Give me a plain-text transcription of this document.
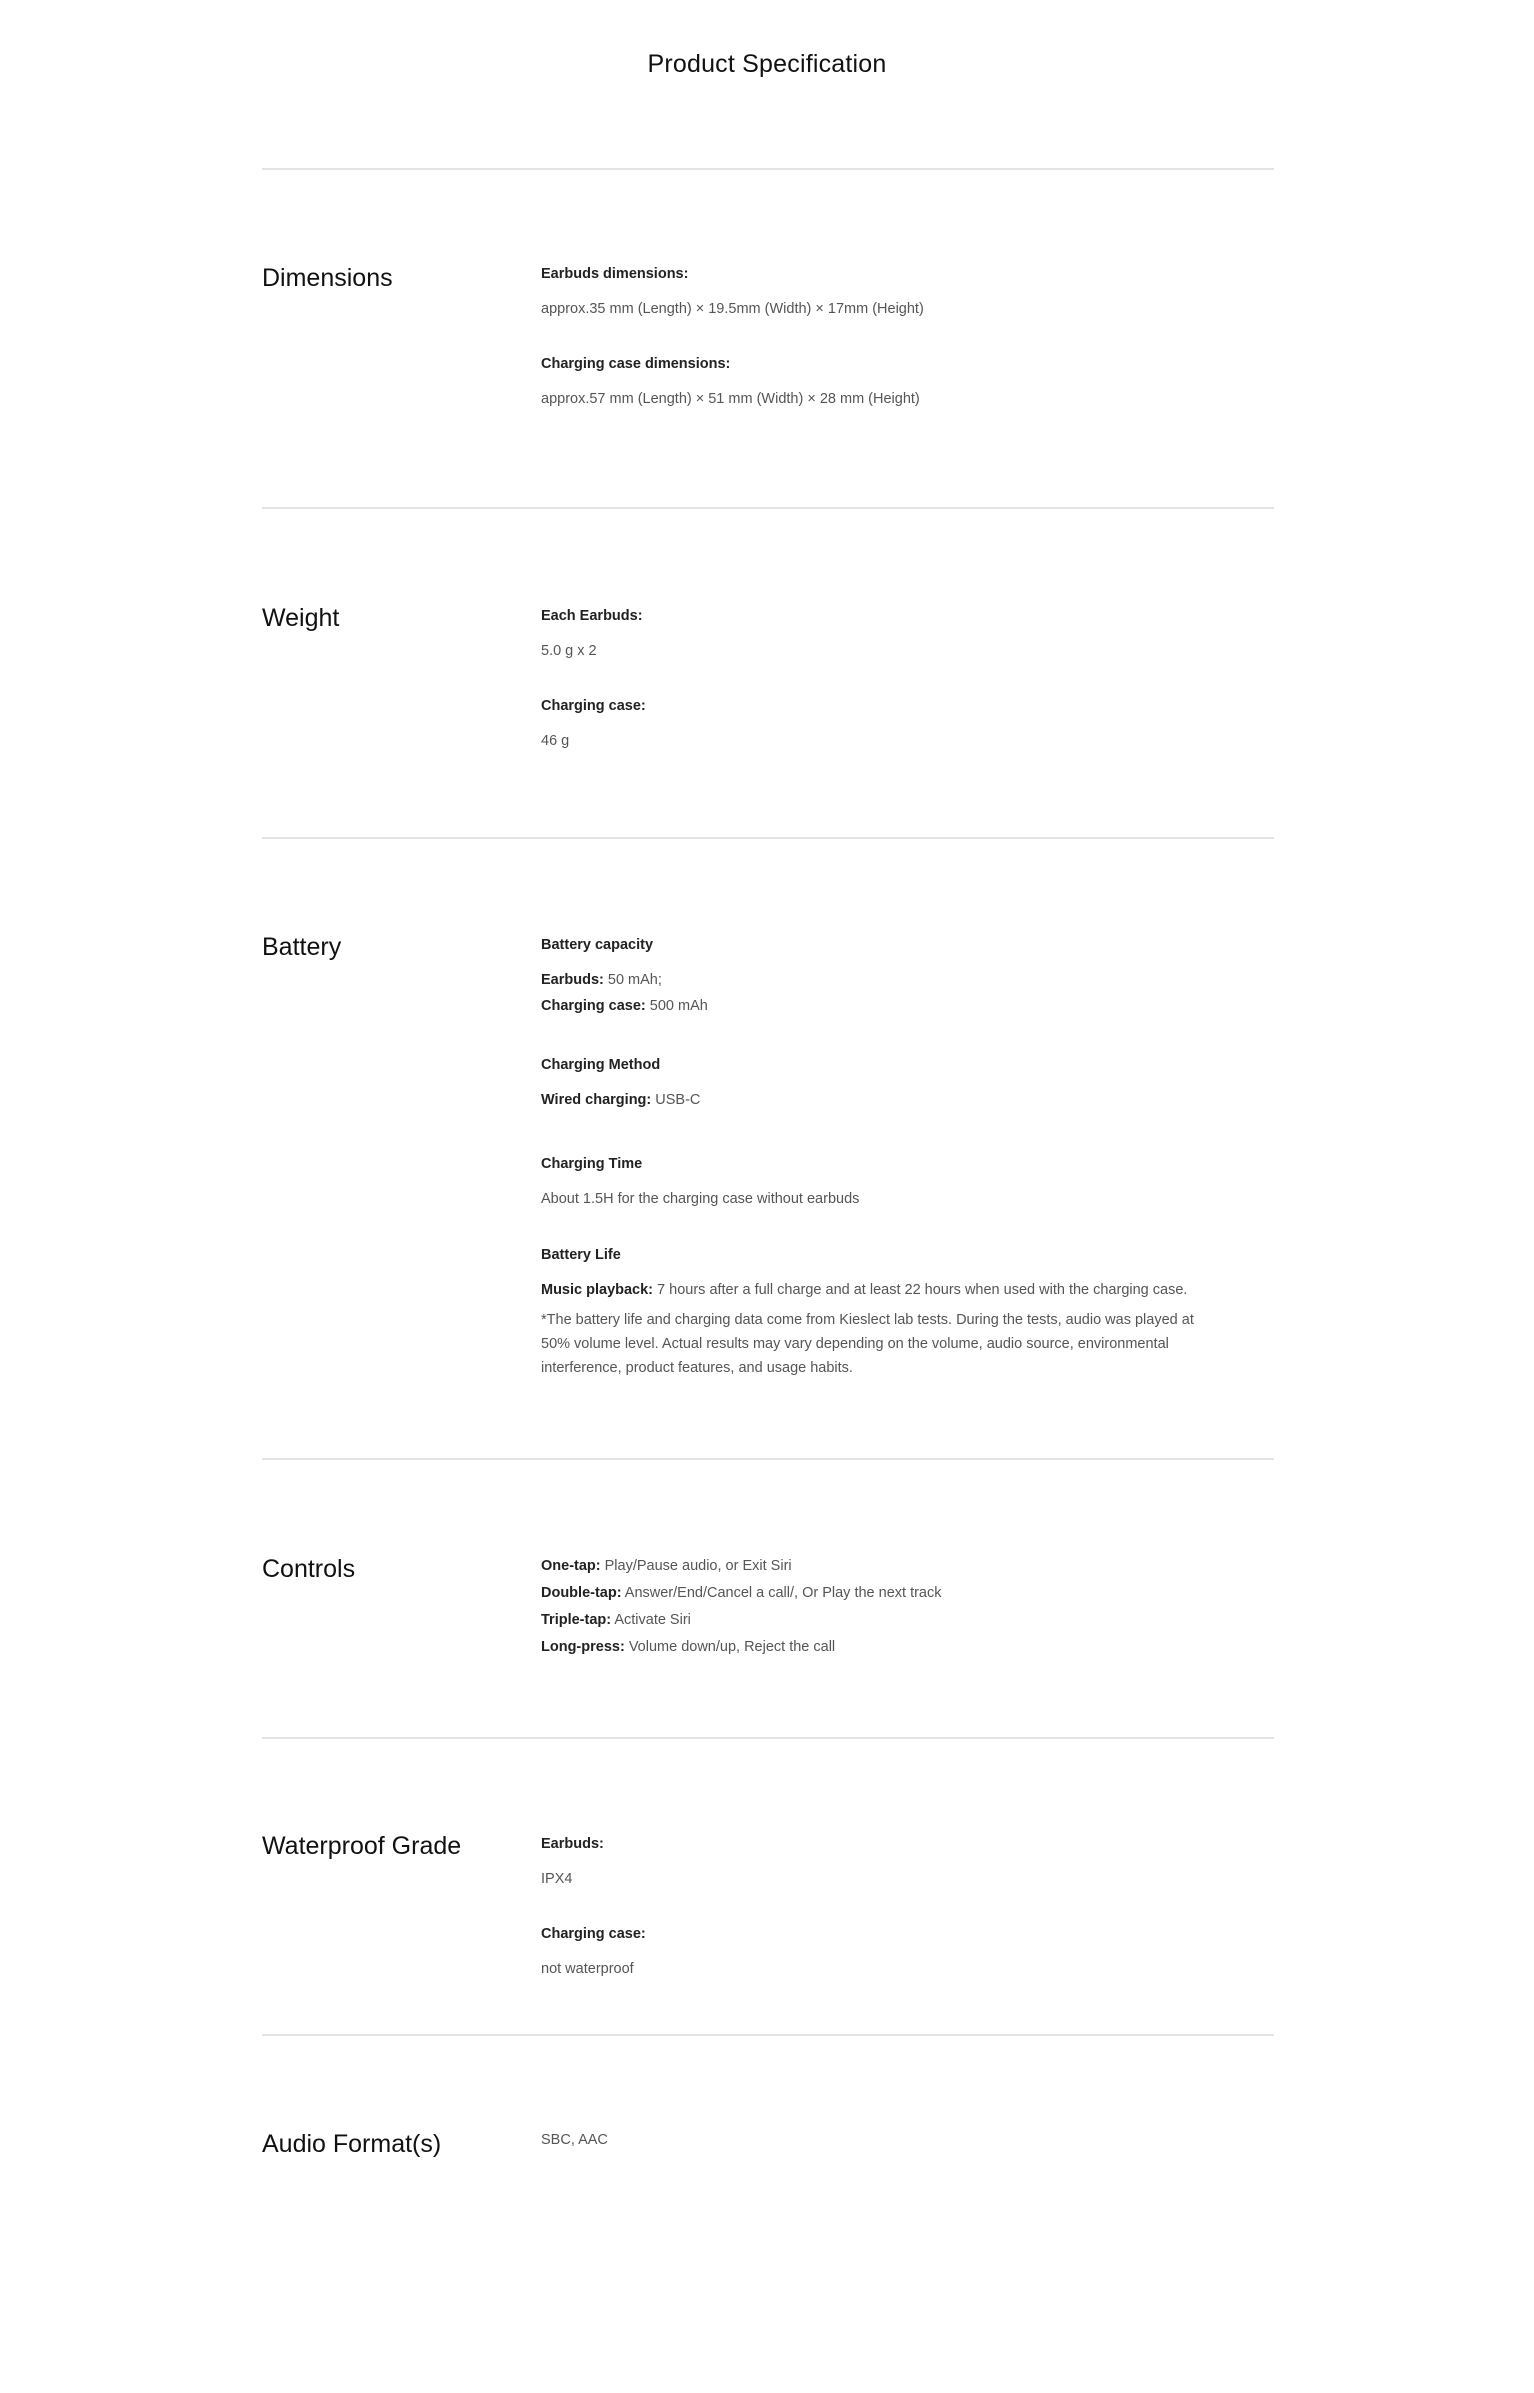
Product Specification
Dimensions	Earbuds dimensions:
approx.35 mm (Length) × 19.5mm (Width) × 17mm (Height)
Charging case dimensions:
approx.57 mm (Length) × 51 mm (Width) × 28 mm (Height)
Weight	Each Earbuds:
5.0 g x 2
Charging case:
46 g
Battery	Battery capacity
Earbuds: 50 mAh;
Charging case: 500 mAh
Charging Method
Wired charging: USB-C
Charging Time
About 1.5H for the charging case without earbuds
Battery Life
Music playback: 7 hours after a full charge and at least 22 hours when used with the charging case.
*The battery life and charging data come from Kieslect lab tests. During the tests, audio was played at 50% volume level. Actual results may vary depending on the volume, audio source, environmental interference, product features, and usage habits.
Controls	One-tap: Play/Pause audio, or Exit Siri
Double-tap: Answer/End/Cancel a call/, Or Play the next track
Triple-tap: Activate Siri
Long-press: Volume down/up, Reject the call
Waterproof Grade	Earbuds:
IPX4
Charging case:
not waterproof
Audio Format(s)	SBC, AAC
